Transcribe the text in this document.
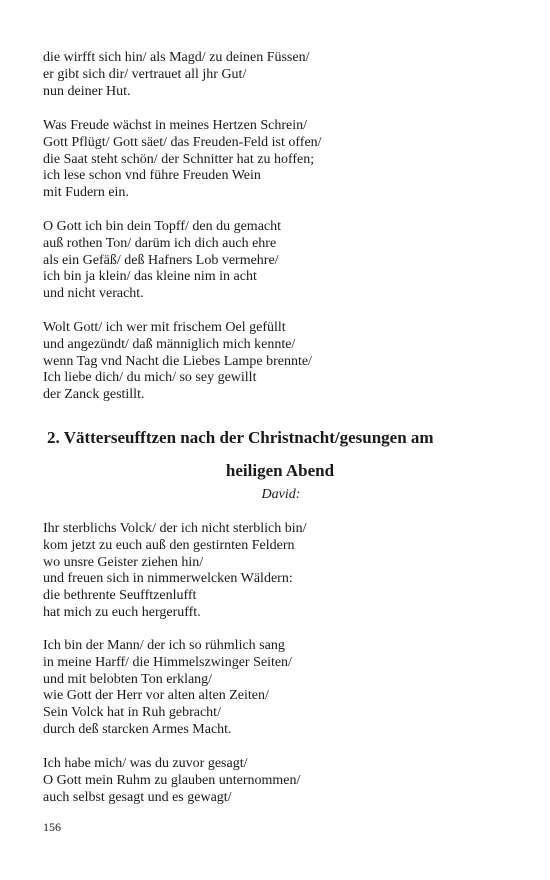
die wirfft sich hin/ als Magd/ zu deinen Füssen/
er gibt sich dir/ vertrauet all jhr Gut/
nun deiner Hut.
Was Freude wächst in meines Hertzen Schrein/
Gott Pflügt/ Gott säet/ das Freuden-Feld ist offen/
die Saat steht schön/ der Schnitter hat zu hoffen;
ich lese schon vnd führe Freuden Wein
mit Fudern ein.
O Gott ich bin dein Topff/ den du gemacht
auß rothen Ton/ darüm ich dich auch ehre
als ein Gefäß/ deß Hafners Lob vermehre/
ich bin ja klein/ das kleine nim in acht
und nicht veracht.
Wolt Gott/ ich wer mit frischem Oel gefüllt
und angezündt/ daß männiglich mich kennte/
wenn Tag vnd Nacht die Liebes Lampe brennte/
Ich liebe dich/ du mich/ so sey gewillt
der Zanck gestillt.
2. Vätterseufftzen nach der Christnacht/gesungen am
heiligen Abend
David:
Ihr sterblichs Volck/ der ich nicht sterblich bin/
kom jetzt zu euch auß den gestirnten Feldern
wo unsre Geister ziehen hin/
und freuen sich in nimmerwelcken Wäldern:
die bethrente Seufftzenlufft
hat mich zu euch hergerufft.
Ich bin der Mann/ der ich so rühmlich sang
in meine Harff/ die Himmelszwinger Seiten/
und mit belobten Ton erklang/
wie Gott der Herr vor alten alten Zeiten/
Sein Volck hat in Ruh gebracht/
durch deß starcken Armes Macht.
Ich habe mich/ was du zuvor gesagt/
O Gott mein Ruhm zu glauben unternommen/
auch selbst gesagt und es gewagt/
156
